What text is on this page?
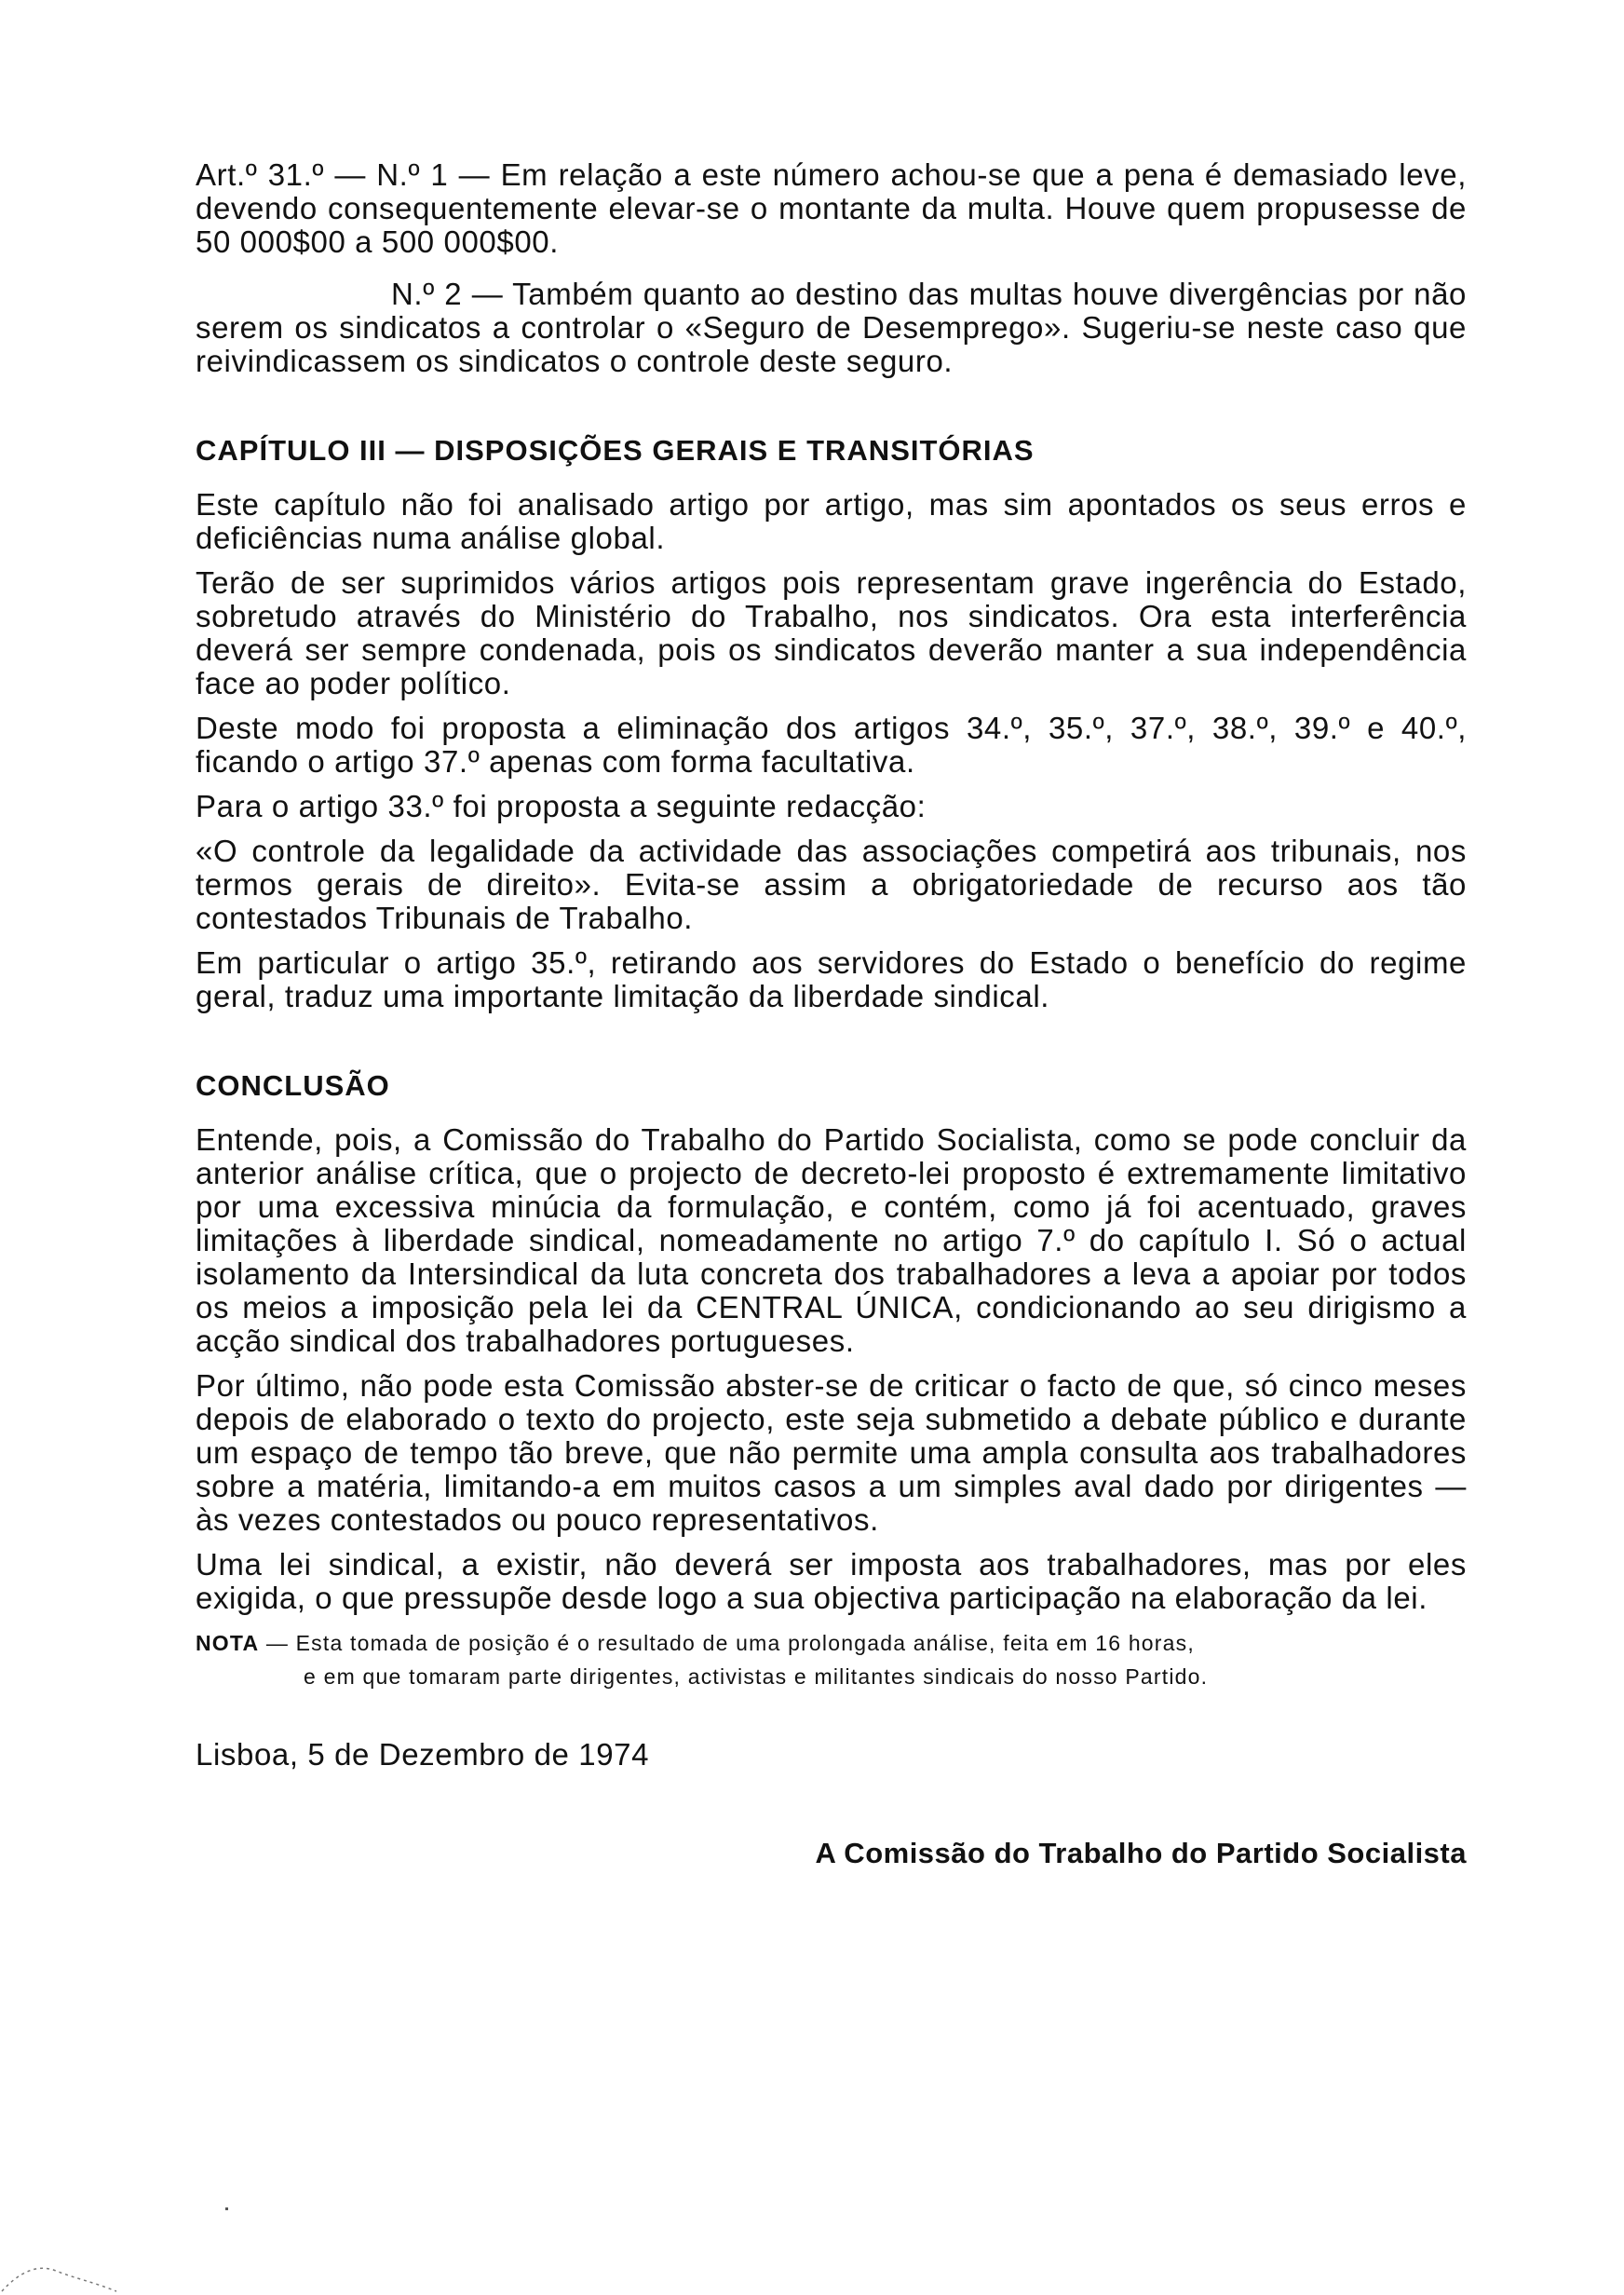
Art.º 31.º — N.º 1 — Em relação a este número achou-se que a pena é demasiado leve, devendo consequentemente elevar-se o montante da multa. Houve quem propusesse de 50 000$00 a 500 000$00.

N.º 2 — Também quanto ao destino das multas houve divergências por não serem os sindicatos a controlar o «Seguro de Desemprego». Sugeriu-se neste caso que reivindicassem os sindicatos o controle deste seguro.

CAPÍTULO III — DISPOSIÇÕES GERAIS E TRANSITÓRIAS

Este capítulo não foi analisado artigo por artigo, mas sim apontados os seus erros e deficiências numa análise global.

Terão de ser suprimidos vários artigos pois representam grave ingerência do Estado, sobretudo através do Ministério do Trabalho, nos sindicatos. Ora esta interferência deverá ser sempre condenada, pois os sindicatos deverão manter a sua independência face ao poder político.

Deste modo foi proposta a eliminação dos artigos 34.º, 35.º, 37.º, 38.º, 39.º e 40.º, ficando o artigo 37.º apenas com forma facultativa.

Para o artigo 33.º foi proposta a seguinte redacção:

«O controle da legalidade da actividade das associações competirá aos tribunais, nos termos gerais de direito». Evita-se assim a obrigatoriedade de recurso aos tão contestados Tribunais de Trabalho.

Em particular o artigo 35.º, retirando aos servidores do Estado o benefício do regime geral, traduz uma importante limitação da liberdade sindical.

CONCLUSÃO

Entende, pois, a Comissão do Trabalho do Partido Socialista, como se pode concluir da anterior análise crítica, que o projecto de decreto-lei proposto é extremamente limitativo por uma excessiva minúcia da formulação, e contém, como já foi acentuado, graves limitações à liberdade sindical, nomeadamente no artigo 7.º do capítulo I. Só o actual isolamento da Intersindical da luta concreta dos trabalhadores a leva a apoiar por todos os meios a imposição pela lei da CENTRAL ÚNICA, condicionando ao seu dirigismo a acção sindical dos trabalhadores portugueses.

Por último, não pode esta Comissão abster-se de criticar o facto de que, só cinco meses depois de elaborado o texto do projecto, este seja submetido a debate público e durante um espaço de tempo tão breve, que não permite uma ampla consulta aos trabalhadores sobre a matéria, limitando-a em muitos casos a um simples aval dado por dirigentes — às vezes contestados ou pouco representativos.

Uma lei sindical, a existir, não deverá ser imposta aos trabalhadores, mas por eles exigida, o que pressupõe desde logo a sua objectiva participação na elaboração da lei.

NOTA — Esta tomada de posição é o resultado de uma prolongada análise, feita em 16 horas,

e em que tomaram parte dirigentes, activistas e militantes sindicais do nosso Partido.

Lisboa, 5 de Dezembro de 1974

A Comissão do Trabalho do Partido Socialista
